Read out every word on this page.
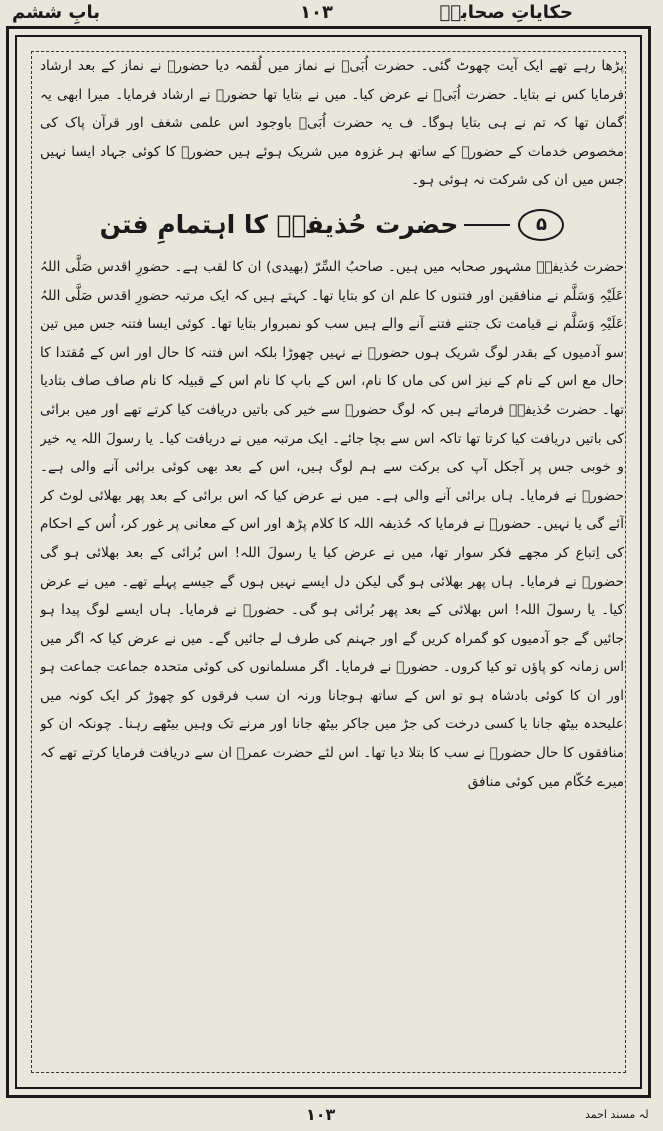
حکایاتِ صحابہؓ
۱۰۳
بابِ ششم

پڑھا رہے تھے ایک آیت چھوٹ گئی۔ حضرت اُبَیؓ نے نماز میں لُقمہ دیا حضورؐ نے نماز کے بعد ارشاد فرمایا کس نے بتایا۔ حضرت اُبَیؓ نے عرض کیا۔ میں نے بتایا تھا حضورؐ نے ارشاد فرمایا۔ میرا ابھی یہ گمان تھا کہ تم نے ہی بتایا ہوگا۔ ف یہ حضرت اُبَیؓ باوجود اس علمی شغف اور قرآن پاک کی مخصوص خدمات کے حضورؐ کے ساتھ ہر غزوہ میں شریک ہوئے ہیں حضورؐ کا کوئی جہاد ایسا نہیں جس میں ان کی شرکت نہ ہوئی ہو۔

۵
حضرت حُذیفہؓ کا اہتمامِ فتن

حضرت حُذیفہؓ مشہور صحابہ میں ہیں۔ صاحبُ السِّرّ (بھیدی) ان کا لقب ہے۔ حضورِ اقدس صَلَّی اللہُ عَلَیْہِ وَسَلَّم نے منافقین اور فتنوں کا علم ان کو بتایا تھا۔ کہتے ہیں کہ ایک مرتبہ حضورِ اقدس صَلَّی اللہُ عَلَیْہِ وَسَلَّم نے قیامت تک جتنے فتنے آنے والے ہیں سب کو نمبروار بتایا تھا۔ کوئی ایسا فتنہ جس میں تین سو آدمیوں کے بقدر لوگ شریک ہوں حضورؐ نے نہیں چھوڑا بلکہ اس فتنہ کا حال اور اس کے مُقتدا کا حال مع اس کے نام کے نیز اس کی ماں کا نام، اس کے باپ کا نام اس کے قبیلہ کا نام صاف صاف بتادیا تھا۔ حضرت حُذیفہؓ فرماتے ہیں کہ لوگ حضورؐ سے خیر کی باتیں دریافت کیا کرتے تھے اور میں برائی کی باتیں دریافت کیا کرتا تھا تاکہ اس سے بچا جائے۔ ایک مرتبہ میں نے دریافت کیا۔ یا رسولَ اللہ یہ خیر و خوبی جس پر آجکل آپ کی برکت سے ہم لوگ ہیں، اس کے بعد بھی کوئی برائی آنے والی ہے۔ حضورؐ نے فرمایا۔ ہاں برائی آنے والی ہے۔ میں نے عرض کیا کہ اس برائی کے بعد پھر بھلائی لوٹ کر آئے گی یا نہیں۔ حضورؐ نے فرمایا کہ حُذیفہ اللہ کا کلام پڑھ اور اس کے معانی پر غور کر، اُس کے احکام کی اِتباع کر مجھے فکر سوار تھا، میں نے عرض کیا یا رسولَ اللہ! اس بُرائی کے بعد بھلائی ہو گی حضورؐ نے فرمایا۔ ہاں پھر بھلائی ہو گی لیکن دل ایسے نہیں ہوں گے جیسے پہلے تھے۔ میں نے عرض کیا۔ یا رسولَ اللہ! اس بھلائی کے بعد پھر بُرائی ہو گی۔ حضورؐ نے فرمایا۔ ہاں ایسے لوگ پیدا ہو جائیں گے جو آدمیوں کو گمراہ کریں گے اور جہنم کی طرف لے جائیں گے۔ میں نے عرض کیا کہ اگر میں اس زمانہ کو پاؤں تو کیا کروں۔ حضورؐ نے فرمایا۔ اگر مسلمانوں کی کوئی متحدہ جماعت جماعت ہو اور ان کا کوئی بادشاہ ہو تو اس کے ساتھ ہوجانا ورنہ ان سب فرقوں کو چھوڑ کر ایک کونہ میں علیحدہ بیٹھ جانا یا کسی درخت کی جڑ میں جاکر بیٹھ جانا اور مرنے تک وہیں بیٹھے رہنا۔ چونکہ ان کو منافقوں کا حال حضورؐ نے سب کا بتلا دیا تھا۔ اس لئے حضرت عمرؓ ان سے دریافت فرمایا کرتے تھے کہ میرے حُکّام میں کوئی منافق

۱۰۳	لہ مسند احمد
